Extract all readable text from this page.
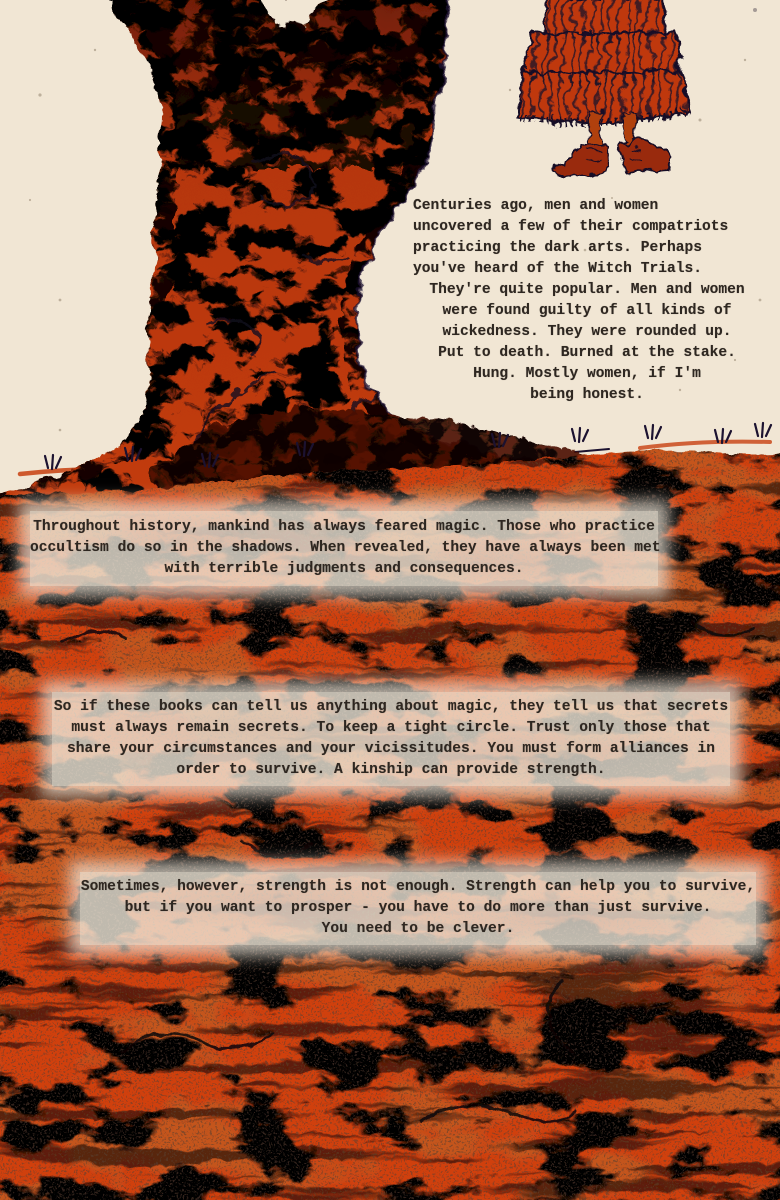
Centuries ago, men and women
uncovered a few of their compatriots
practicing the dark arts. Perhaps
you've heard of the Witch Trials.
They're quite popular. Men and women
were found guilty of all kinds of
wickedness. They were rounded up.
Put to death. Burned at the stake.
Hung. Mostly women, if I'm
being honest.
Throughout history, mankind has always feared magic. Those who practice
occultism do so in the shadows. When revealed, they have always been met
with terrible judgments and consequences.
So if these books can tell us anything about magic, they tell us that secrets
must always remain secrets. To keep a tight circle. Trust only those that
share your circumstances and your vicissitudes. You must form alliances in
order to survive. A kinship can provide strength.
Sometimes, however, strength is not enough. Strength can help you to survive,
but if you want to prosper - you have to do more than just survive.
You need to be clever.
